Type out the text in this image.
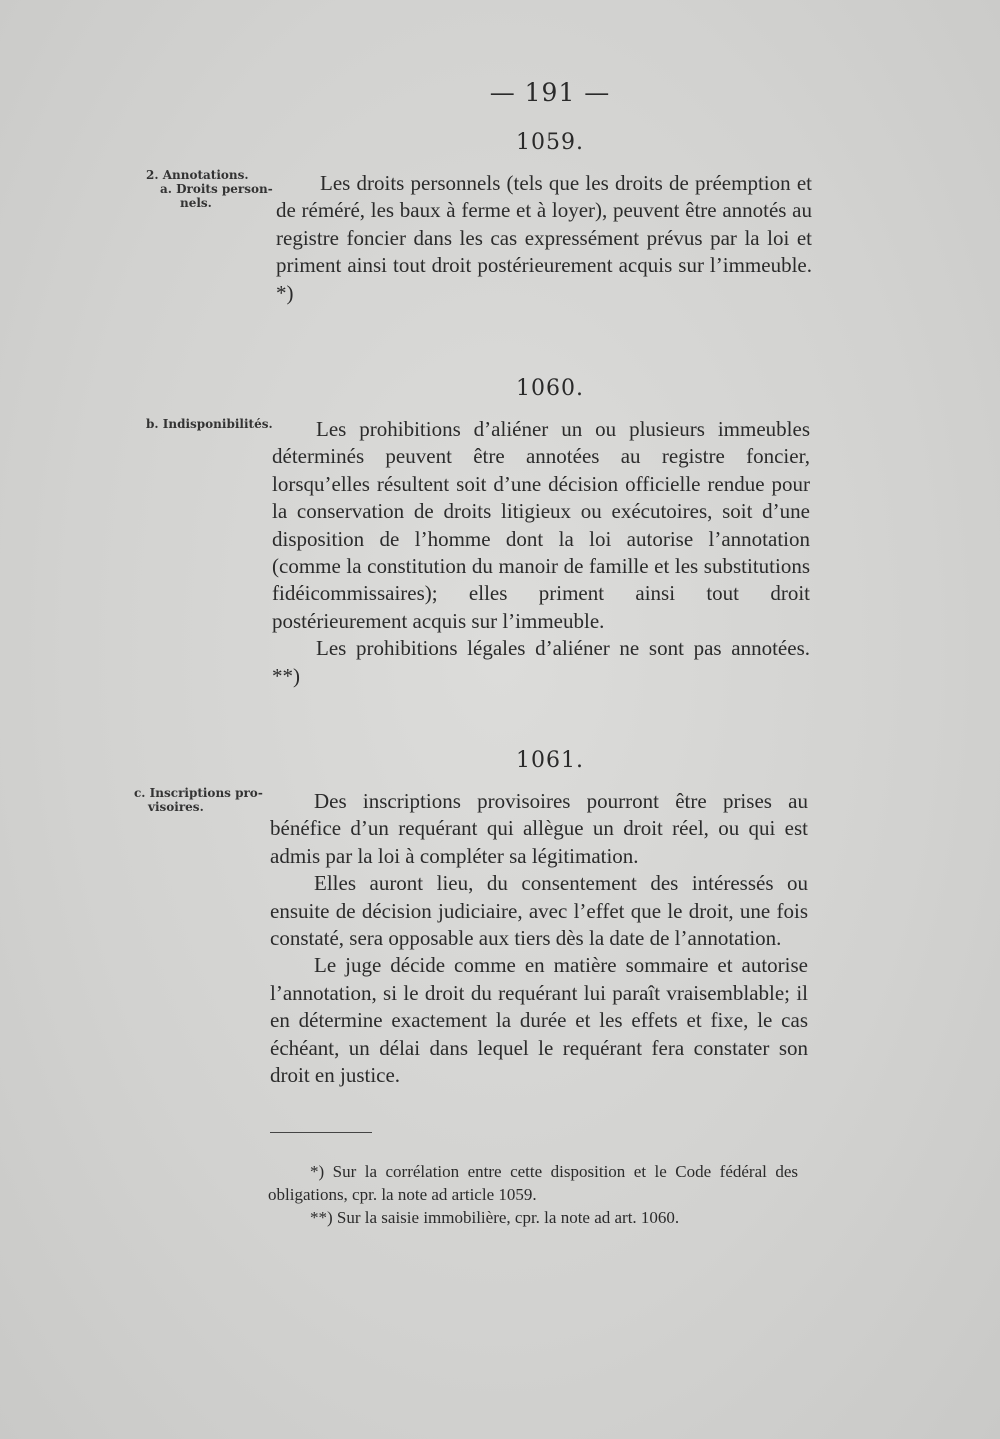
— 191 —
1059.
2. Annotations.
a. Droits person-
nels.

Les droits personnels (tels que les droits de préemption et de réméré, les baux à ferme et à loyer), peuvent être annotés au registre foncier dans les cas expressément prévus par la loi et priment ainsi tout droit postérieurement acquis sur l’immeuble. *)

1060.
b. Indisponibilités.	Les prohibitions d’aliéner un ou plusieurs immeubles déterminés peuvent être annotées au registre foncier, lorsqu’elles résultent soit d’une décision officielle rendue pour la conservation de droits litigieux ou exécutoires, soit d’une disposition de l’homme dont la loi autorise l’annotation (comme la constitution du manoir de famille et les substitutions fidéicommissaires); elles priment ainsi tout droit postérieurement acquis sur l’immeuble.

Les prohibitions légales d’aliéner ne sont pas annotées. **)

1061.
c. Inscriptions pro-
visoires.	Des inscriptions provisoires pourront être prises au bénéfice d’un requérant qui allègue un droit réel, ou qui est admis par la loi à compléter sa légitimation.

Elles auront lieu, du consentement des intéressés ou ensuite de décision judiciaire, avec l’effet que le droit, une fois constaté, sera opposable aux tiers dès la date de l’annotation.

Le juge décide comme en matière sommaire et autorise l’annotation, si le droit du requérant lui paraît vraisemblable; il en détermine exactement la durée et les effets et fixe, le cas échéant, un délai dans lequel le requérant fera constater son droit en justice.

*) Sur la corrélation entre cette disposition et le Code fédéral des obligations, cpr. la note ad article 1059.

**) Sur la saisie immobilière, cpr. la note ad art. 1060.
